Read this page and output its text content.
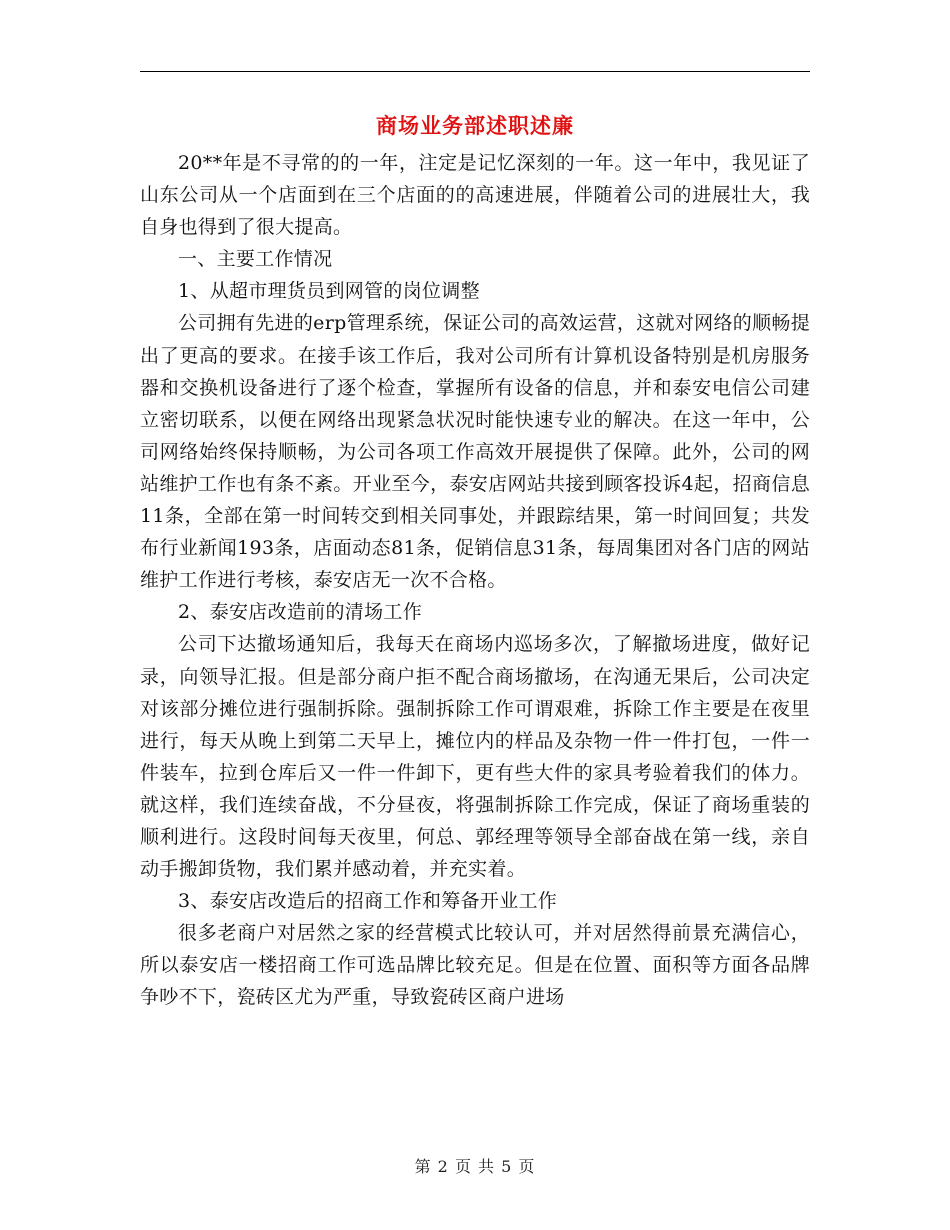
商场业务部述职述廉

20**年是不寻常的的一年，注定是记忆深刻的一年。这一年中，我见证了山东公司从一个店面到在三个店面的的高速进展，伴随着公司的进展壮大，我自身也得到了很大提高。

一、主要工作情况

1、从超市理货员到网管的岗位调整

公司拥有先进的erp管理系统，保证公司的高效运营，这就对网络的顺畅提出了更高的要求。在接手该工作后，我对公司所有计算机设备特别是机房服务器和交换机设备进行了逐个检查，掌握所有设备的信息，并和泰安电信公司建立密切联系，以便在网络出现紧急状况时能快速专业的解决。在这一年中，公司网络始终保持顺畅，为公司各项工作高效开展提供了保障。此外，公司的网站维护工作也有条不紊。开业至今，泰安店网站共接到顾客投诉4起，招商信息11条，全部在第一时间转交到相关同事处，并跟踪结果，第一时间回复；共发布行业新闻193条，店面动态81条，促销信息31条，每周集团对各门店的网站维护工作进行考核，泰安店无一次不合格。

2、泰安店改造前的清场工作

公司下达撤场通知后，我每天在商场内巡场多次，了解撤场进度，做好记录，向领导汇报。但是部分商户拒不配合商场撤场，在沟通无果后，公司决定对该部分摊位进行强制拆除。强制拆除工作可谓艰难，拆除工作主要是在夜里进行，每天从晚上到第二天早上，摊位内的样品及杂物一件一件打包，一件一件装车，拉到仓库后又一件一件卸下，更有些大件的家具考验着我们的体力。就这样，我们连续奋战，不分昼夜，将强制拆除工作完成，保证了商场重装的顺利进行。这段时间每天夜里，何总、郭经理等领导全部奋战在第一线，亲自动手搬卸货物，我们累并感动着，并充实着。

3、泰安店改造后的招商工作和筹备开业工作

很多老商户对居然之家的经营模式比较认可，并对居然得前景充满信心，所以泰安店一楼招商工作可选品牌比较充足。但是在位置、面积等方面各品牌争吵不下，瓷砖区尤为严重，导致瓷砖区商户进场

第 2 页 共 5 页
